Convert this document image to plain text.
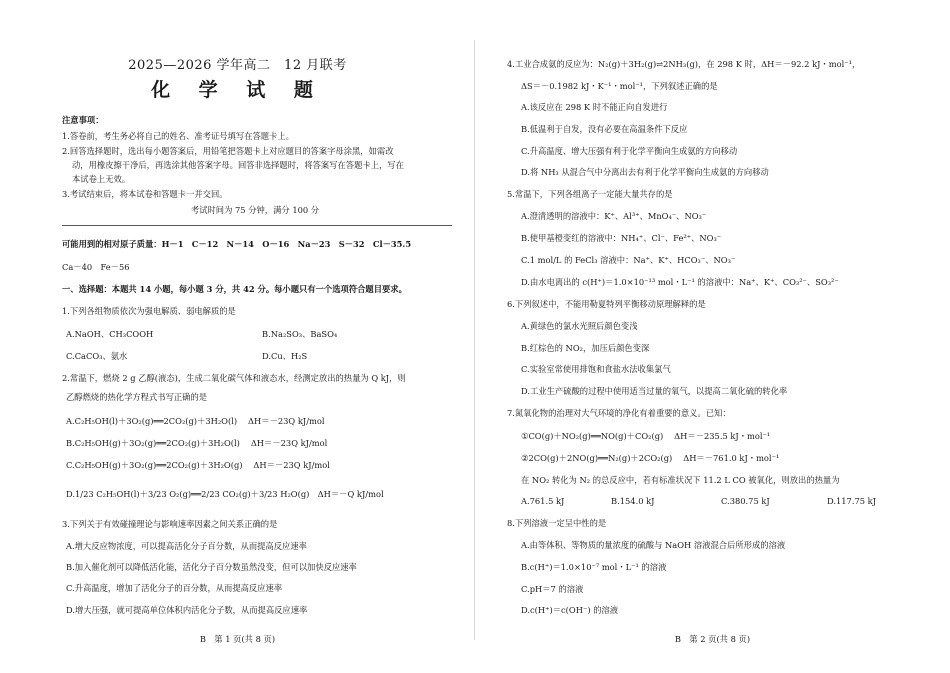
2025—2026 学年高二　12 月联考
化 学 试 题
注意事项：
1.答卷前，考生务必将自己的姓名、准考证号填写在答题卡上。
2.回答选择题时，选出每小题答案后，用铅笔把答题卡上对应题目的答案字母涂黑，如需改
动，用橡皮擦干净后，再选涂其他答案字母。回答非选择题时，将答案写在答题卡上，写在
本试卷上无效。
3.考试结束后，将本试卷和答题卡一并交回。
考试时间为 75 分钟，满分 100 分
可能用到的相对原子质量：H－1　C－12　N－14　O－16　Na－23　S－32　Cl－35.5
Ca－40　Fe－56
一、选择题：本题共 14 小题，每小题 3 分，共 42 分。每小题只有一个选项符合题目要求。
1.下列各组物质依次为强电解质、弱电解质的是
A.NaOH、CH₃COOH	B.Na₂SO₃、BaSO₄
C.CaCO₃、氨水	D.Cu、H₂S
2.常温下，燃烧 2 g 乙醇(液态)，生成二氧化碳气体和液态水，经测定放出的热量为 Q kJ，则
乙醇燃烧的热化学方程式书写正确的是
A.C₂H₅OH(l)＋3O₂(g)══2CO₂(g)＋3H₂O(l)　 ΔH＝－23Q kJ/mol
B.C₂H₅OH(g)＋3O₂(g)══2CO₂(g)＋3H₂O(l)　 ΔH＝－23Q kJ/mol
C.C₂H₅OH(g)＋3O₂(g)══2CO₂(g)＋3H₂O(g)　 ΔH＝－23Q kJ/mol
D.1/23 C₂H₅OH(l)＋3/23 O₂(g)══2/23 CO₂(g)＋3/23 H₂O(g)　ΔH＝－Q kJ/mol
3.下列关于有效碰撞理论与影响速率因素之间关系正确的是
A.增大反应物浓度，可以提高活化分子百分数，从而提高反应速率
B.加入催化剂可以降低活化能，活化分子百分数虽然没变，但可以加快反应速率
C.升高温度，增加了活化分子的百分数，从而提高反应速率
D.增大压强，就可提高单位体积内活化分子数，从而提高反应速率
B　第 1 页(共 8 页)
4.工业合成氨的反应为：N₂(g)＋3H₂(g)⇌2NH₃(g)，在 298 K 时，ΔH＝－92.2 kJ・mol⁻¹，
ΔS＝－0.1982 kJ・K⁻¹・mol⁻¹，下列叙述正确的是
A.该反应在 298 K 时不能正向自发进行
B.低温利于自发，没有必要在高温条件下反应
C.升高温度、增大压强有利于化学平衡向生成氨的方向移动
D.将 NH₃ 从混合气中分离出去有利于化学平衡向生成氨的方向移动
5.常温下，下列各组离子一定能大量共存的是
A.澄清透明的溶液中：K⁺、Al³⁺、MnO₄⁻、NO₃⁻
B.使甲基橙变红的溶液中：NH₄⁺、Cl⁻、Fe²⁺、NO₃⁻
C.1 mol/L 的 FeCl₃ 溶液中：Na⁺、K⁺、HCO₃⁻、NO₃⁻
D.由水电离出的 c(H⁺)＝1.0×10⁻¹³ mol・L⁻¹ 的溶液中：Na⁺、K⁺、CO₃²⁻、SO₃²⁻
6.下列叙述中，不能用勒夏特列平衡移动原理解释的是
A.黄绿色的氯水光照后颜色变浅
B.红棕色的 NO₂，加压后颜色变深
C.实验室常使用排饱和食盐水法收集氯气
D.工业生产硫酸的过程中使用适当过量的氧气，以提高二氧化硫的转化率
7.氮氧化物的治理对大气环境的净化有着重要的意义。已知：
①CO(g)＋NO₂(g)══NO(g)＋CO₂(g)　 ΔH＝－235.5 kJ・mol⁻¹
②2CO(g)＋2NO(g)══N₂(g)＋2CO₂(g)　 ΔH＝－761.0 kJ・mol⁻¹
在 NO₂ 转化为 N₂ 的总反应中，若有标准状况下 11.2 L CO 被氧化，则放出的热量为
A.761.5 kJ	B.154.0 kJ	C.380.75 kJ	D.117.75 kJ
8.下列溶液一定呈中性的是
A.由等体积、等物质的量浓度的硫酸与 NaOH 溶液混合后所形成的溶液
B.c(H⁺)＝1.0×10⁻⁷ mol・L⁻¹ 的溶液
C.pH＝7 的溶液
D.c(H⁺)＝c(OH⁻) 的溶液
B　第 2 页(共 8 页)
